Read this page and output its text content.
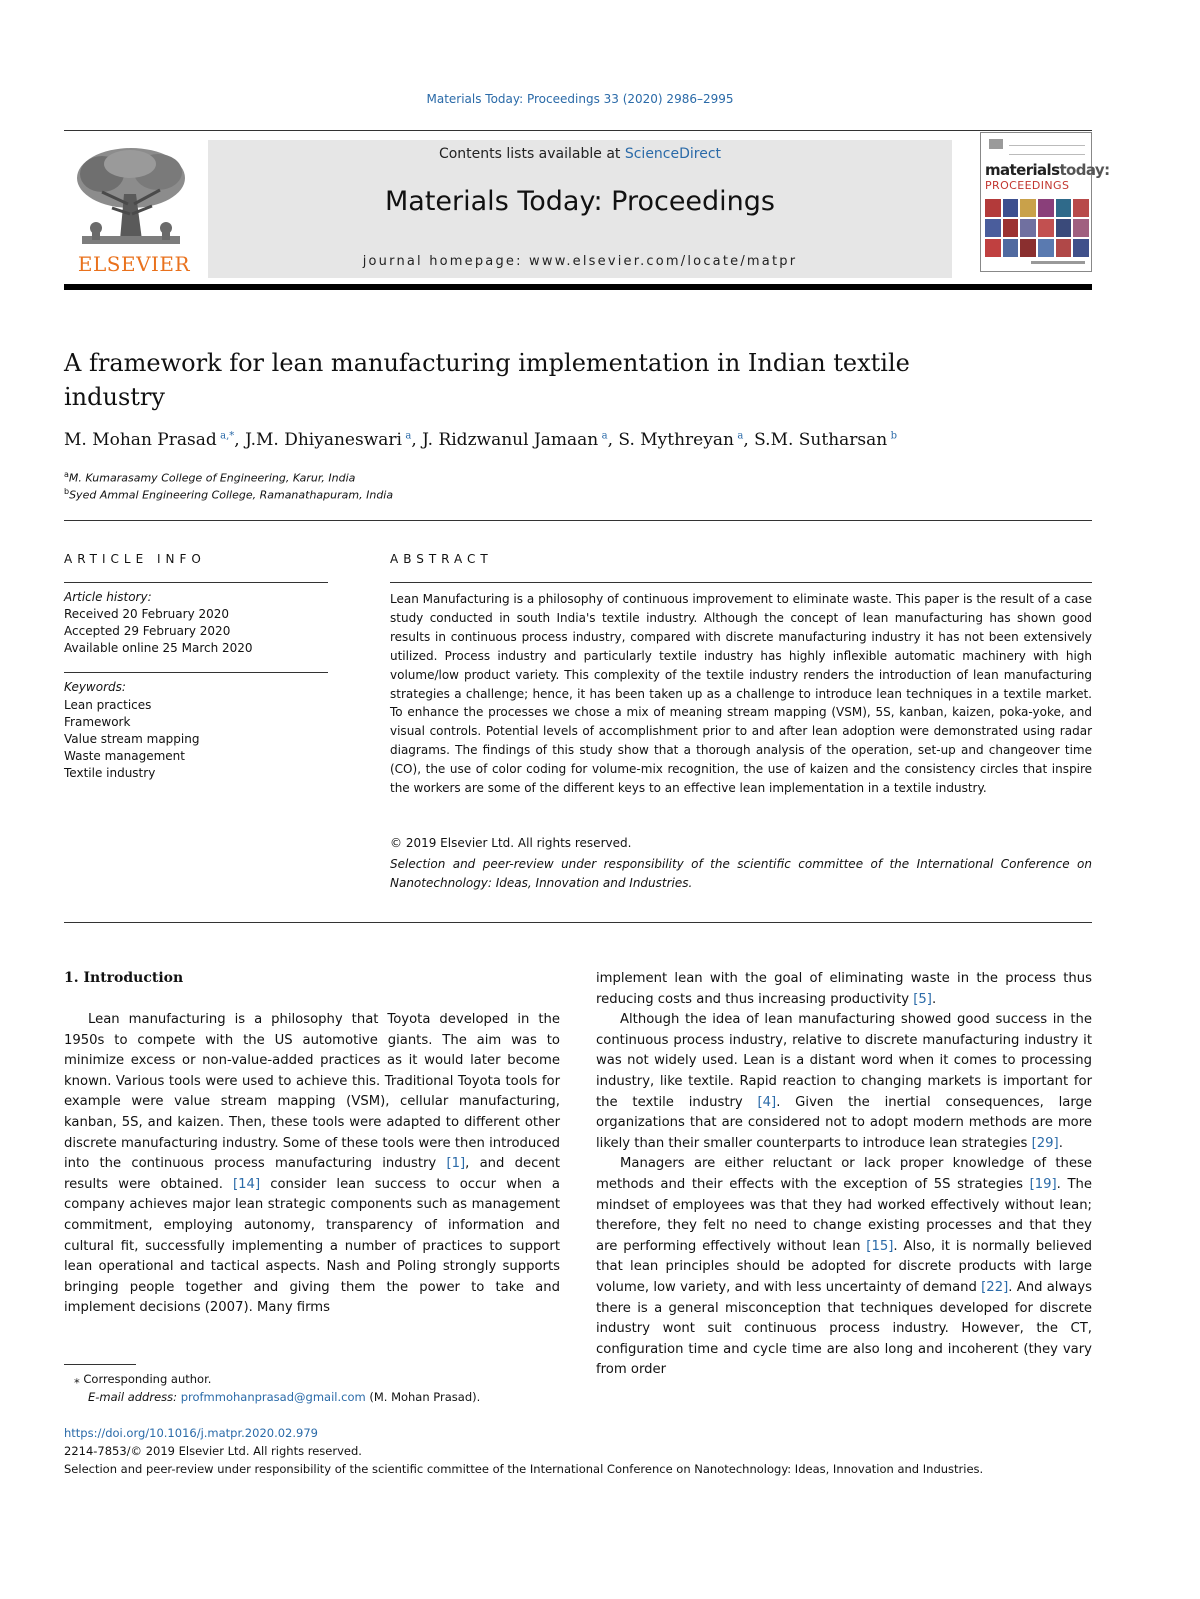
Materials Today: Proceedings 33 (2020) 2986–2995
ELSEVIER
Contents lists available at ScienceDirect
Materials Today: Proceedings
journal homepage: www.elsevier.com/locate/matpr
materialstoday:
PROCEEDINGS
A framework for lean manufacturing implementation in Indian textile industry
M. Mohan Prasad  $^{a,*}$, J.M. Dhiyaneswari  $^a$, J. Ridzwanul Jamaan  $^a$, S. Mythreyan  $^a$, S.M. Sutharsan  $^b$
$^a$M. Kumarasamy College of Engineering, Karur, India
$^b$Syed Ammal Engineering College, Ramanathapuram, India
ARTICLE INFO
Article history:
Received 20 February 2020
Accepted 29 February 2020
Available online 25 March 2020
Keywords:
Lean practices
Framework
Value stream mapping
Waste management
Textile industry
ABSTRACT
Lean Manufacturing is a philosophy of continuous improvement to eliminate waste. This paper is the result of a case study conducted in south India's textile industry. Although the concept of lean manufacturing has shown good results in continuous process industry, compared with discrete manufacturing industry it has not been extensively utilized. Process industry and particularly textile industry has highly inflexible automatic machinery with high volume/low product variety. This complexity of the textile industry renders the introduction of lean manufacturing strategies a challenge; hence, it has been taken up as a challenge to introduce lean techniques in a textile market. To enhance the processes we chose a mix of meaning stream mapping (VSM), 5S, kanban, kaizen, poka-yoke, and visual controls. Potential levels of accomplishment prior to and after lean adoption were demonstrated using radar diagrams. The findings of this study show that a thorough analysis of the operation, set-up and changeover time (CO), the use of color coding for volume-mix recognition, the use of kaizen and the consistency circles that inspire the workers are some of the different keys to an effective lean implementation in a textile industry.
© 2019 Elsevier Ltd. All rights reserved.
Selection and peer-review under responsibility of the scientific committee of the International Conference on Nanotechnology: Ideas, Innovation and Industries.
1. Introduction

Lean manufacturing is a philosophy that Toyota developed in the 1950s to compete with the US automotive giants. The aim was to minimize excess or non-value-added practices as it would later become known. Various tools were used to achieve this. Traditional Toyota tools for example were value stream mapping (VSM), cellular manufacturing, kanban, 5S, and kaizen. Then, these tools were adapted to different other discrete manufacturing industry. Some of these tools were then introduced into the continuous process manufacturing industry [1], and decent results were obtained. [14] consider lean success to occur when a company achieves major lean strategic components such as management commitment, employing autonomy, transparency of information and cultural fit, successfully implementing a number of practices to support lean operational and tactical aspects. Nash and Poling strongly supports bringing people together and giving them the power to take and implement decisions (2007). Many firms

implement lean with the goal of eliminating waste in the process thus reducing costs and thus increasing productivity [5].

Although the idea of lean manufacturing showed good success in the continuous process industry, relative to discrete manufacturing industry it was not widely used. Lean is a distant word when it comes to processing industry, like textile. Rapid reaction to changing markets is important for the textile industry [4]. Given the inertial consequences, large organizations that are considered not to adopt modern methods are more likely than their smaller counterparts to introduce lean strategies [29].

Managers are either reluctant or lack proper knowledge of these methods and their effects with the exception of 5S strategies [19]. The mindset of employees was that they had worked effectively without lean; therefore, they felt no need to change existing processes and that they are performing effectively without lean [15]. Also, it is normally believed that lean principles should be adopted for discrete products with large volume, low variety, and with less uncertainty of demand [22]. And always there is a general misconception that techniques developed for discrete industry wont suit continuous process industry. However, the CT, configuration time and cycle time are also long and incoherent (they vary from order

⁎ Corresponding author.
E-mail address: profmmohanprasad@gmail.com (M. Mohan Prasad).
https://doi.org/10.1016/j.matpr.2020.02.979
2214-7853/© 2019 Elsevier Ltd. All rights reserved.
Selection and peer-review under responsibility of the scientific committee of the International Conference on Nanotechnology: Ideas, Innovation and Industries.
